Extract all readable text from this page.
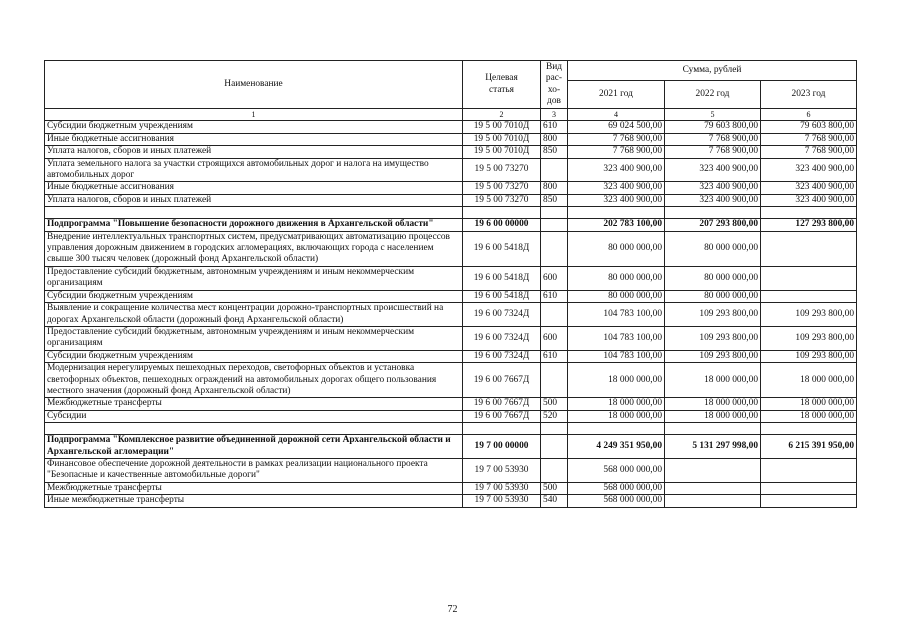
Наименование	Целевая статья	Вид рас- хо- дов	Сумма, рублей		
			2021 год	2022 год	2023 год
1	2	3	4	5	6
Субсидии бюджетным учреждениям	19 5 00 7010Д	610	69 024 500,00	79 603 800,00	79 603 800,00
Иные бюджетные ассигнования	19 5 00 7010Д	800	7 768 900,00	7 768 900,00	7 768 900,00
Уплата налогов, сборов и иных платежей	19 5 00 7010Д	850	7 768 900,00	7 768 900,00	7 768 900,00
Уплата земельного налога за участки строящихся автомобильных дорог и налога на имущество автомобильных дорог	19 5 00 73270		323 400 900,00	323 400 900,00	323 400 900,00
Иные бюджетные ассигнования	19 5 00 73270	800	323 400 900,00	323 400 900,00	323 400 900,00
Уплата налогов, сборов и иных платежей	19 5 00 73270	850	323 400 900,00	323 400 900,00	323 400 900,00

Подпрограмма "Повышение безопасности дорожного движения в Архангельской области"	19 6 00 00000		202 783 100,00	207 293 800,00	127 293 800,00
Внедрение интеллектуальных транспортных систем, предусматривающих автоматизацию процессов управления дорожным движением в городских агломерациях, включающих города с населением свыше 300 тысяч человек (дорожный фонд Архангельской области)	19 6 00 5418Д		80 000 000,00	80 000 000,00	
Предоставление субсидий бюджетным, автономным учреждениям и иным некоммерческим организациям	19 6 00 5418Д	600	80 000 000,00	80 000 000,00	
Субсидии бюджетным учреждениям	19 6 00 5418Д	610	80 000 000,00	80 000 000,00	
Выявление и сокращение количества мест концентрации дорожно-транспортных происшествий на дорогах Архангельской области (дорожный фонд Архангельской области)	19 6 00 7324Д		104 783 100,00	109 293 800,00	109 293 800,00
Предоставление субсидий бюджетным, автономным учреждениям и иным некоммерческим организациям	19 6 00 7324Д	600	104 783 100,00	109 293 800,00	109 293 800,00
Субсидии бюджетным учреждениям	19 6 00 7324Д	610	104 783 100,00	109 293 800,00	109 293 800,00
Модернизация нерегулируемых пешеходных переходов, светофорных объектов и установка светофорных объектов, пешеходных ограждений на автомобильных дорогах общего пользования местного значения (дорожный фонд Архангельской области)	19 6 00 7667Д		18 000 000,00	18 000 000,00	18 000 000,00
Межбюджетные трансферты	19 6 00 7667Д	500	18 000 000,00	18 000 000,00	18 000 000,00
Субсидии	19 6 00 7667Д	520	18 000 000,00	18 000 000,00	18 000 000,00

Подпрограмма "Комплексное развитие объединенной дорожной сети Архангельской области и Архангельской агломерации"	19 7 00 00000		4 249 351 950,00	5 131 297 998,00	6 215 391 950,00
Финансовое обеспечение дорожной деятельности в рамках реализации национального проекта "Безопасные и качественные автомобильные дороги"	19 7 00 53930		568 000 000,00		
Межбюджетные трансферты	19 7 00 53930	500	568 000 000,00		
Иные межбюджетные трансферты	19 7 00 53930	540	568 000 000,00		
72
